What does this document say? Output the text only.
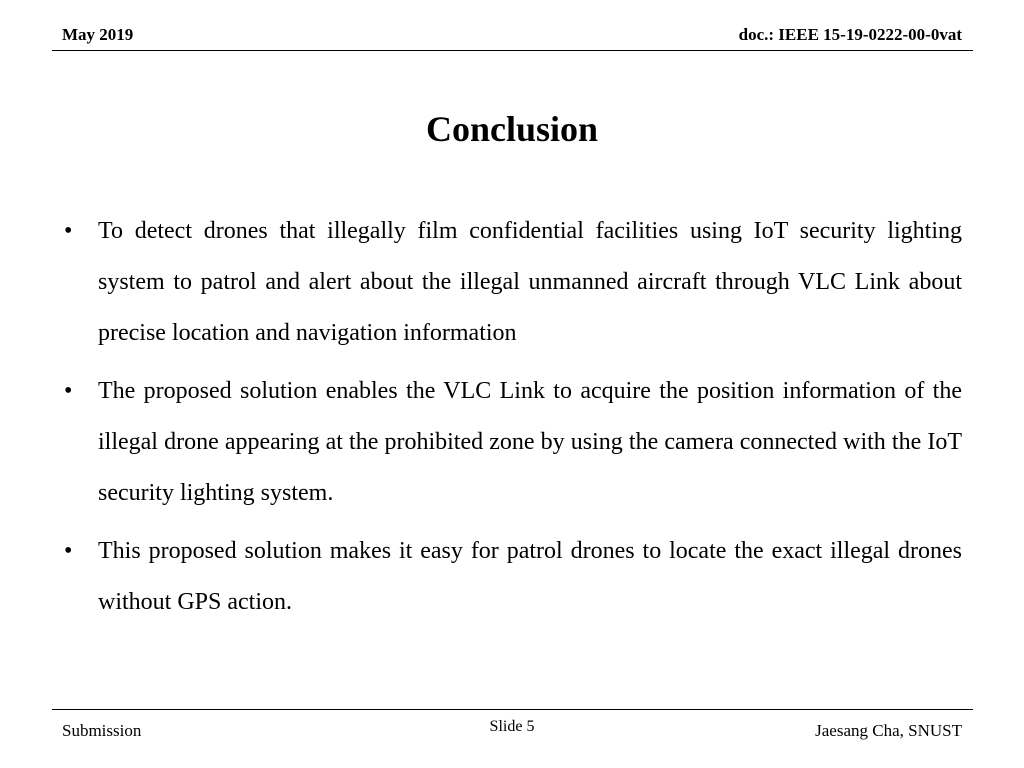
May 2019	doc.: IEEE 15-19-0222-00-0vat
Conclusion
• To detect drones that illegally film confidential facilities using IoT security lighting system to patrol and alert about the illegal unmanned aircraft through VLC Link about precise location and navigation information
• The proposed solution enables the VLC Link to acquire the position information of the illegal drone appearing at the prohibited zone by using the camera connected with the IoT security lighting system.
• This proposed solution makes it easy for patrol drones to locate the exact illegal drones without GPS action.
Submission	Slide 5	Jaesang Cha, SNUST
